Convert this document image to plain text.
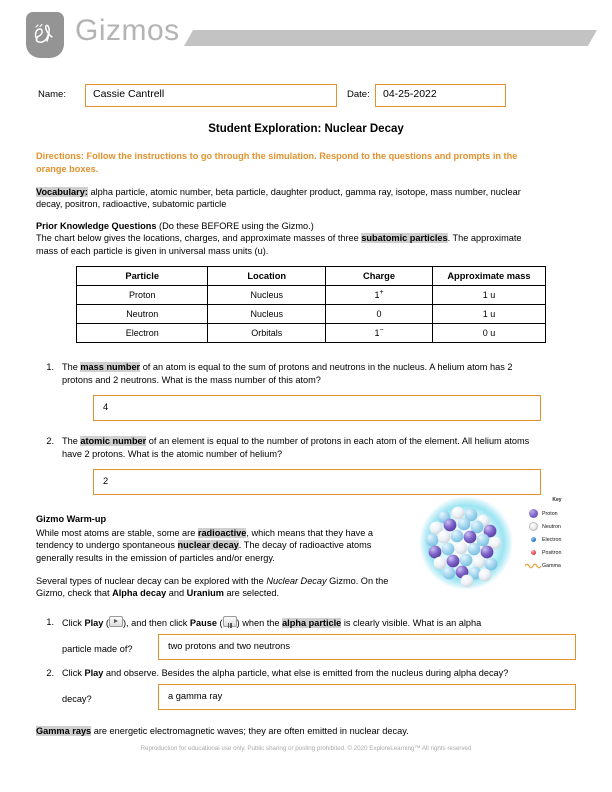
Gizmos
Name:	Cassie Cantrell	Date:	04-25-2022
Student Exploration: Nuclear Decay
Directions: Follow the instructions to go through the simulation. Respond to the questions and prompts in the orange boxes.
Vocabulary: alpha particle, atomic number, beta particle, daughter product, gamma ray, isotope, mass number, nuclear decay, positron, radioactive, subatomic particle
Prior Knowledge Questions (Do these BEFORE using the Gizmo.)
The chart below gives the locations, charges, and approximate masses of three subatomic particles. The approximate mass of each particle is given in universal mass units (u).
Particle	Location	Charge	Approximate mass
Proton	Nucleus	1+	1 u
Neutron	Nucleus	0	1 u
Electron	Orbitals	1−	0 u
1. The mass number of an atom is equal to the sum of protons and neutrons in the nucleus. A helium atom has 2 protons and 2 neutrons. What is the mass number of this atom?
4
2. The atomic number of an element is equal to the number of protons in each atom of the element. All helium atoms have 2 protons. What is the atomic number of helium?
2
Gizmo Warm-up
While most atoms are stable, some are radioactive, which means that they have a tendency to undergo spontaneous nuclear decay. The decay of radioactive atoms generally results in the emission of particles and/or energy.
Several types of nuclear decay can be explored with the Nuclear Decay Gizmo. On the Gizmo, check that Alpha decay and Uranium are selected.
1. Click Play ( ), and then click Pause ( ) when the alpha particle is clearly visible. What is an alpha
particle made of?	two protons and two neutrons
2. Click Play and observe. Besides the alpha particle, what else is emitted from the nucleus during alpha decay?
decay?	a gamma ray
Key
Proton
Neutron
Electron
Positron
Gamma
Gamma rays are energetic electromagnetic waves; they are often emitted in nuclear decay.
Reproduction for educational use only. Public sharing or posting prohibited. © 2020 ExploreLearning™ All rights reserved
